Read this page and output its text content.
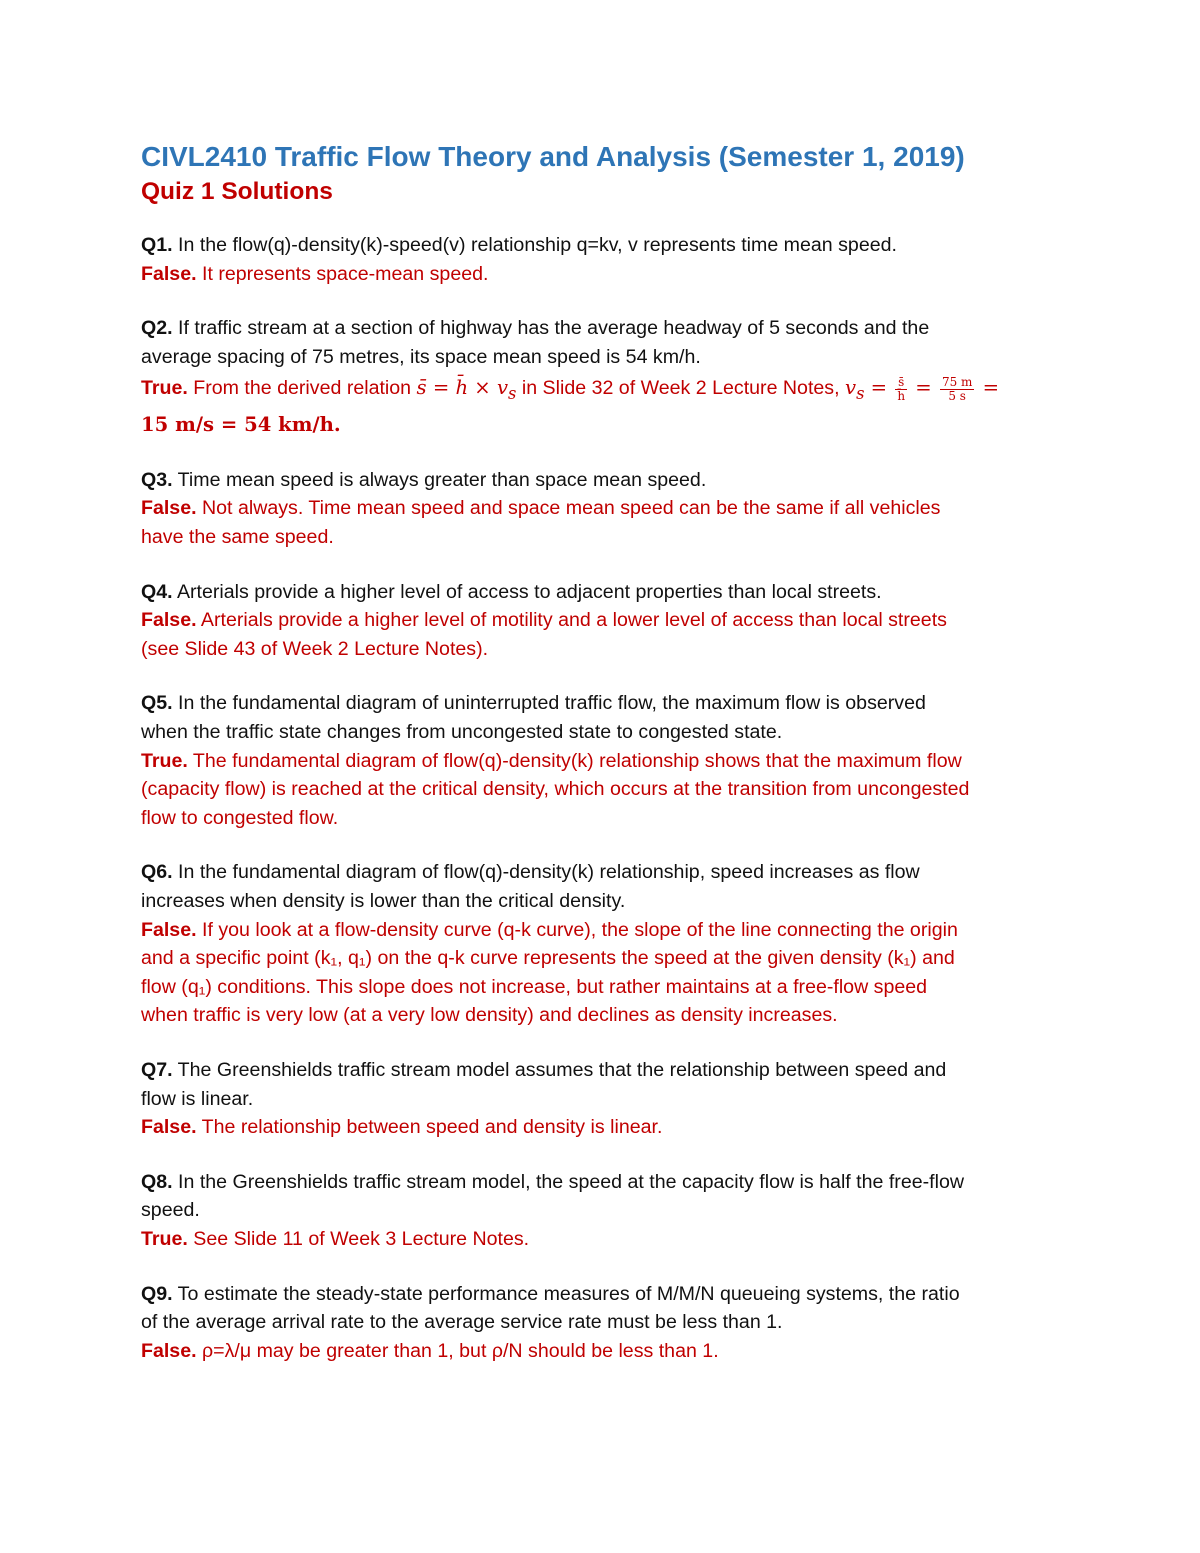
CIVL2410 Traffic Flow Theory and Analysis (Semester 1, 2019)
Quiz 1 Solutions
Q1. In the flow(q)-density(k)-speed(v) relationship q=kv, v represents time mean speed.
False. It represents space-mean speed.
Q2. If traffic stream at a section of highway has the average headway of 5 seconds and the
average spacing of 75 metres, its space mean speed is 54 km/h.
True. From the derived relation s̄ = h̄ × $v_s$ in Slide 32 of Week 2 Lecture Notes, $v_s = \frac{s̄}{h̄} = \frac{75 m}{5 s}$ =
15 m/s = 54 km/h.
Q3. Time mean speed is always greater than space mean speed.
False. Not always. Time mean speed and space mean speed can be the same if all vehicles
have the same speed.
Q4. Arterials provide a higher level of access to adjacent properties than local streets.
False. Arterials provide a higher level of motility and a lower level of access than local streets
(see Slide 43 of Week 2 Lecture Notes).
Q5. In the fundamental diagram of uninterrupted traffic flow, the maximum flow is observed
when the traffic state changes from uncongested state to congested state.
True. The fundamental diagram of flow(q)-density(k) relationship shows that the maximum flow
(capacity flow) is reached at the critical density, which occurs at the transition from uncongested
flow to congested flow.
Q6. In the fundamental diagram of flow(q)-density(k) relationship, speed increases as flow
increases when density is lower than the critical density.
False. If you look at a flow-density curve (q-k curve), the slope of the line connecting the origin
and a specific point (k₁, q₁) on the q-k curve represents the speed at the given density (k₁) and
flow (q₁) conditions. This slope does not increase, but rather maintains at a free-flow speed
when traffic is very low (at a very low density) and declines as density increases.
Q7. The Greenshields traffic stream model assumes that the relationship between speed and
flow is linear.
False. The relationship between speed and density is linear.
Q8. In the Greenshields traffic stream model, the speed at the capacity flow is half the free-flow
speed.
True. See Slide 11 of Week 3 Lecture Notes.
Q9. To estimate the steady-state performance measures of M/M/N queueing systems, the ratio
of the average arrival rate to the average service rate must be less than 1.
False. ρ=λ/μ may be greater than 1, but ρ/N should be less than 1.
